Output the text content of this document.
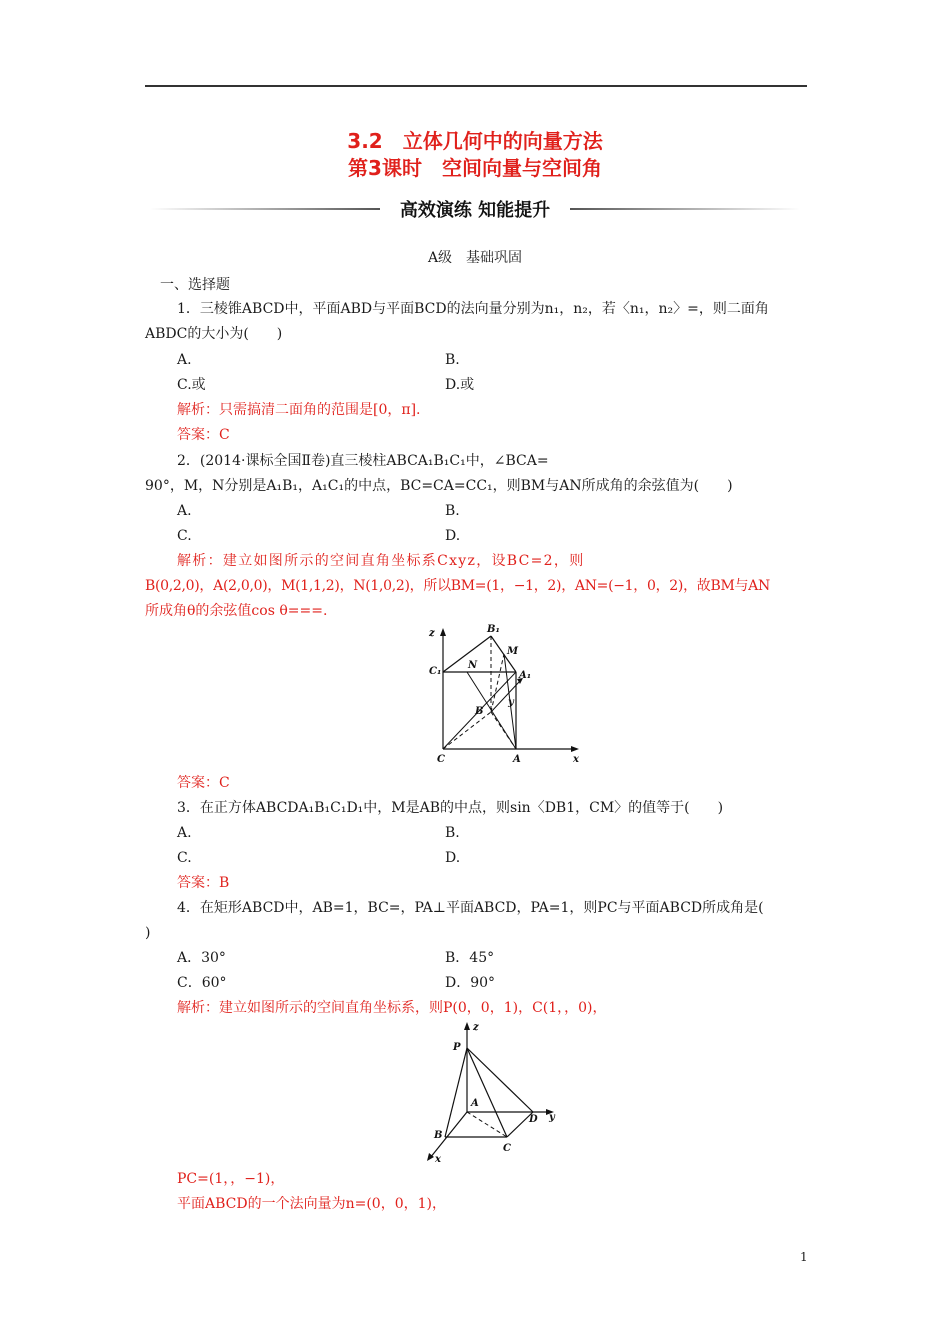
3.2　立体几何中的向量方法
第3课时　空间向量与空间角
高效演练 知能提升
A级　基础巩固
一、选择题
1．三棱锥ABCD中，平面ABD与平面BCD的法向量分别为n₁，n₂，若〈n₁，n₂〉=，则二面角
ABDC的大小为(　　)
A.	B.
C.或	D.或
解析：只需搞清二面角的范围是[0，π].
答案：C
2．(2014·课标全国Ⅱ卷)直三棱柱ABCA₁B₁C₁中，∠BCA=
90°，M，N分别是A₁B₁，A₁C₁的中点，BC=CA=CC₁，则BM与AN所成角的余弦值为(　　)
A.	B.
C.	D.
解析：建立如图所示的空间直角坐标系Cxyz，设BC=2，则
B(0,2,0)，A(2,0,0)，M(1,1,2)，N(1,0,2)，所以BM=(1，−1，2)，AN=(−1，0，2)，故BM与AN
所成角θ的余弦值cos θ===.
z	B₁
M
C₁
N
A₁
y
B
C	A	x
答案：C
3．在正方体ABCDA₁B₁C₁D₁中，M是AB的中点，则sin〈DB1，CM〉的值等于(　　)
A.	B.
C.	D.
答案：B
4．在矩形ABCD中，AB=1，BC=，PA⊥平面ABCD，PA=1，则PC与平面ABCD所成角是(
)
A．30°	B．45°
C．60°	D．90°
解析：建立如图所示的空间直角坐标系，则P(0，0，1)，C(1，，0)，
z
P
A
D y
B
C
x
PC=(1，，−1)，
平面ABCD的一个法向量为n=(0，0，1)，
1
